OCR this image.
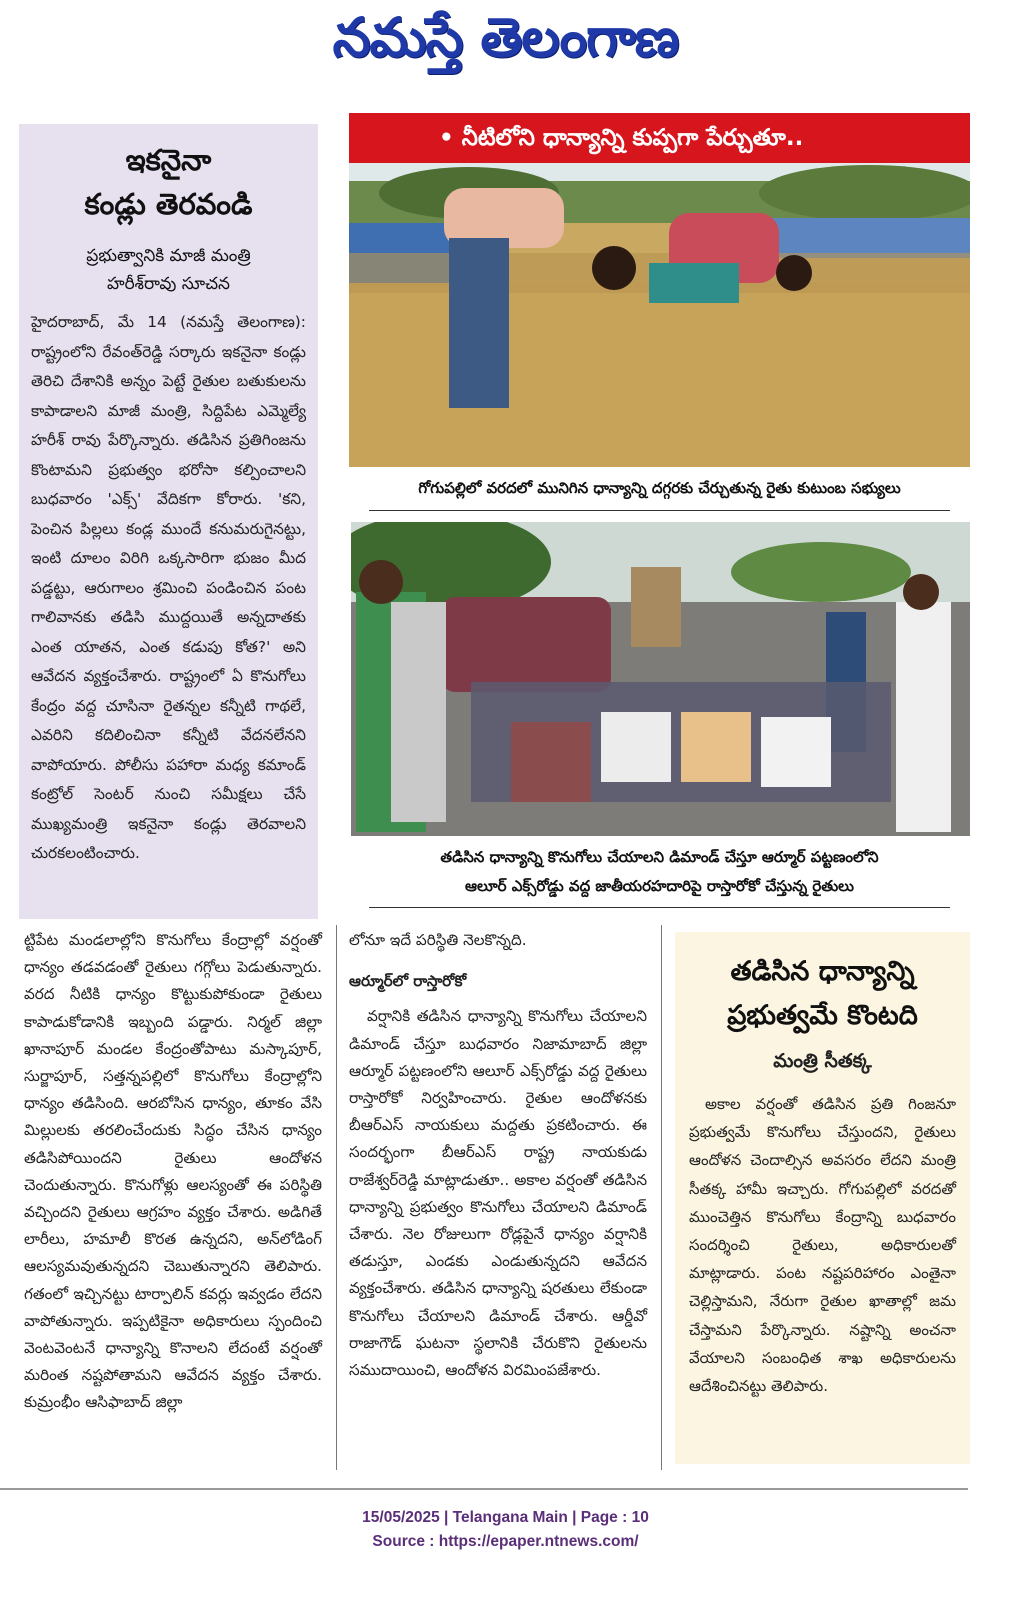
నమస్తే తెలంగాణ
ఇకనైనా
కండ్లు తెరవండి
ప్రభుత్వానికి మాజీ మంత్రి
హరీశ్‌రావు సూచన

హైదరాబాద్, మే 14 (నమస్తే తెలంగాణ): రాష్ట్రంలోని రేవంత్‌రెడ్డి సర్కారు ఇకనైనా కండ్లు తెరిచి దేశానికి అన్నం పెట్టే రైతుల బతుకులను కాపాడాలని మాజీ మంత్రి, సిద్దిపేట ఎమ్మెల్యే హరీశ్ రావు పేర్కొన్నారు. తడిసిన ప్రతిగింజను కొంటామని ప్రభుత్వం భరోసా కల్పించాలని బుధవారం 'ఎక్స్' వేదికగా కోరారు. 'కని, పెంచిన పిల్లలు కండ్ల ముందే కనుమరుగైనట్టు, ఇంటి దూలం విరిగి ఒక్కసారిగా భుజం మీద పడ్డట్టు, ఆరుగాలం శ్రమించి పండించిన పంట గాలివానకు తడిసి ముద్దయితే అన్నదాతకు ఎంత యాతన, ఎంత కడుపు కోత?' అని ఆవేదన వ్యక్తంచేశారు. రాష్ట్రంలో ఏ కొనుగోలు కేంద్రం వద్ద చూసినా రైతన్నల కన్నీటి గాథలే, ఎవరిని కదిలించినా కన్నీటి వేదనలేనని వాపోయారు. పోలీసు పహారా మధ్య కమాండ్ కంట్రోల్ సెంటర్ నుంచి సమీక్షలు చేసే ముఖ్యమంత్రి ఇకనైనా కండ్లు తెరవాలని చురకలంటించారు.

• నీటిలోని ధాన్యాన్ని కుప్పగా పేర్చుతూ..
గోగుపల్లిలో వరదలో మునిగిన ధాన్యాన్ని దగ్గరకు చేర్చుతున్న రైతు కుటుంబ సభ్యులు
తడిసిన ధాన్యాన్ని కొనుగోలు చేయాలని డిమాండ్ చేస్తూ ఆర్మూర్ పట్టణంలోని
ఆలూర్ ఎక్స్‌రోడ్డు వద్ద జాతీయరహదారిపై రాస్తారోకో చేస్తున్న రైతులు

ట్టిపేట మండలాల్లోని కొనుగోలు కేంద్రాల్లో వర్షంతో ధాన్యం తడవడంతో రైతులు గగ్గోలు పెడుతున్నారు. వరద నీటికి ధాన్యం కొట్టుకుపోకుండా రైతులు కాపాడుకోడానికి ఇబ్బంది పడ్డారు. నిర్మల్ జిల్లా ఖానాపూర్ మండల కేంద్రంతోపాటు మస్కాపూర్, సుర్జాపూర్, సత్తన్నపల్లిలో కొనుగోలు కేంద్రాల్లోని ధాన్యం తడిసింది. ఆరబోసిన ధాన్యం, తూకం వేసి మిల్లులకు తరలించేందుకు సిద్ధం చేసిన ధాన్యం తడిసిపోయిందని రైతులు ఆందోళన చెందుతున్నారు. కొనుగోళ్లు ఆలస్యంతో ఈ పరిస్థితి వచ్చిందని రైతులు ఆగ్రహం వ్యక్తం చేశారు. అడిగితే లారీలు, హమాలీ కొరత ఉన్నదని, అన్‌లోడింగ్ ఆలస్యమవుతున్నదని చెబుతున్నారని తెలిపారు. గతంలో ఇచ్చినట్టు టార్పాలిన్ కవర్లు ఇవ్వడం లేదని వాపోతున్నారు. ఇప్పటికైనా అధికారులు స్పందించి వెంటవెంటనే ధాన్యాన్ని కొనాలని లేదంటే వర్షంతో మరింత నష్టపోతామని ఆవేదన వ్యక్తం చేశారు. కుమ్రంభీం ఆసిఫాబాద్ జిల్లా

లోనూ ఇదే పరిస్థితి నెలకొన్నది.

ఆర్మూర్‌లో రాస్తారోకో

వర్షానికి తడిసిన ధాన్యాన్ని కొనుగోలు చేయాలని డిమాండ్ చేస్తూ బుధవారం నిజామాబాద్ జిల్లా ఆర్మూర్ పట్టణంలోని ఆలూర్ ఎక్స్‌రోడ్డు వద్ద రైతులు రాస్తారోకో నిర్వహించారు. రైతుల ఆందోళనకు బీఆర్ఎస్ నాయకులు మద్దతు ప్రకటించారు. ఈ సందర్భంగా బీఆర్ఎస్ రాష్ట్ర నాయకుడు రాజేశ్వర్‌రెడ్డి మాట్లాడుతూ.. అకాల వర్షంతో తడిసిన ధాన్యాన్ని ప్రభుత్వం కొనుగోలు చేయాలని డిమాండ్ చేశారు. నెల రోజులుగా రోడ్లపైనే ధాన్యం వర్షానికి తడుస్తూ, ఎండకు ఎండుతున్నదని ఆవేదన వ్యక్తంచేశారు. తడిసిన ధాన్యాన్ని షరతులు లేకుండా కొనుగోలు చేయాలని డిమాండ్ చేశారు. ఆర్డీవో రాజాగౌడ్ ఘటనా స్థలానికి చేరుకొని రైతులను సముదాయించి, ఆందోళన విరమింపజేశారు.

తడిసిన ధాన్యాన్ని
ప్రభుత్వమే కొంటది
మంత్రి సీతక్క

అకాల వర్షంతో తడిసిన ప్రతి గింజనూ ప్రభుత్వమే కొనుగోలు చేస్తుందని, రైతులు ఆందోళన చెందాల్సిన అవసరం లేదని మంత్రి సీతక్క హామీ ఇచ్చారు. గోగుపల్లిలో వరదతో ముంచెత్తిన కొనుగోలు కేంద్రాన్ని బుధవారం సందర్శించి రైతులు, అధికారులతో మాట్లాడారు. పంట నష్టపరిహారం ఎంతైనా చెల్లిస్తామని, నేరుగా రైతుల ఖాతాల్లో జమ చేస్తామని పేర్కొన్నారు. నష్టాన్ని అంచనా వేయాలని సంబంధిత శాఖ అధికారులను ఆదేశించినట్టు తెలిపారు.

15/05/2025 | Telangana Main | Page : 10
Source : https://epaper.ntnews.com/
